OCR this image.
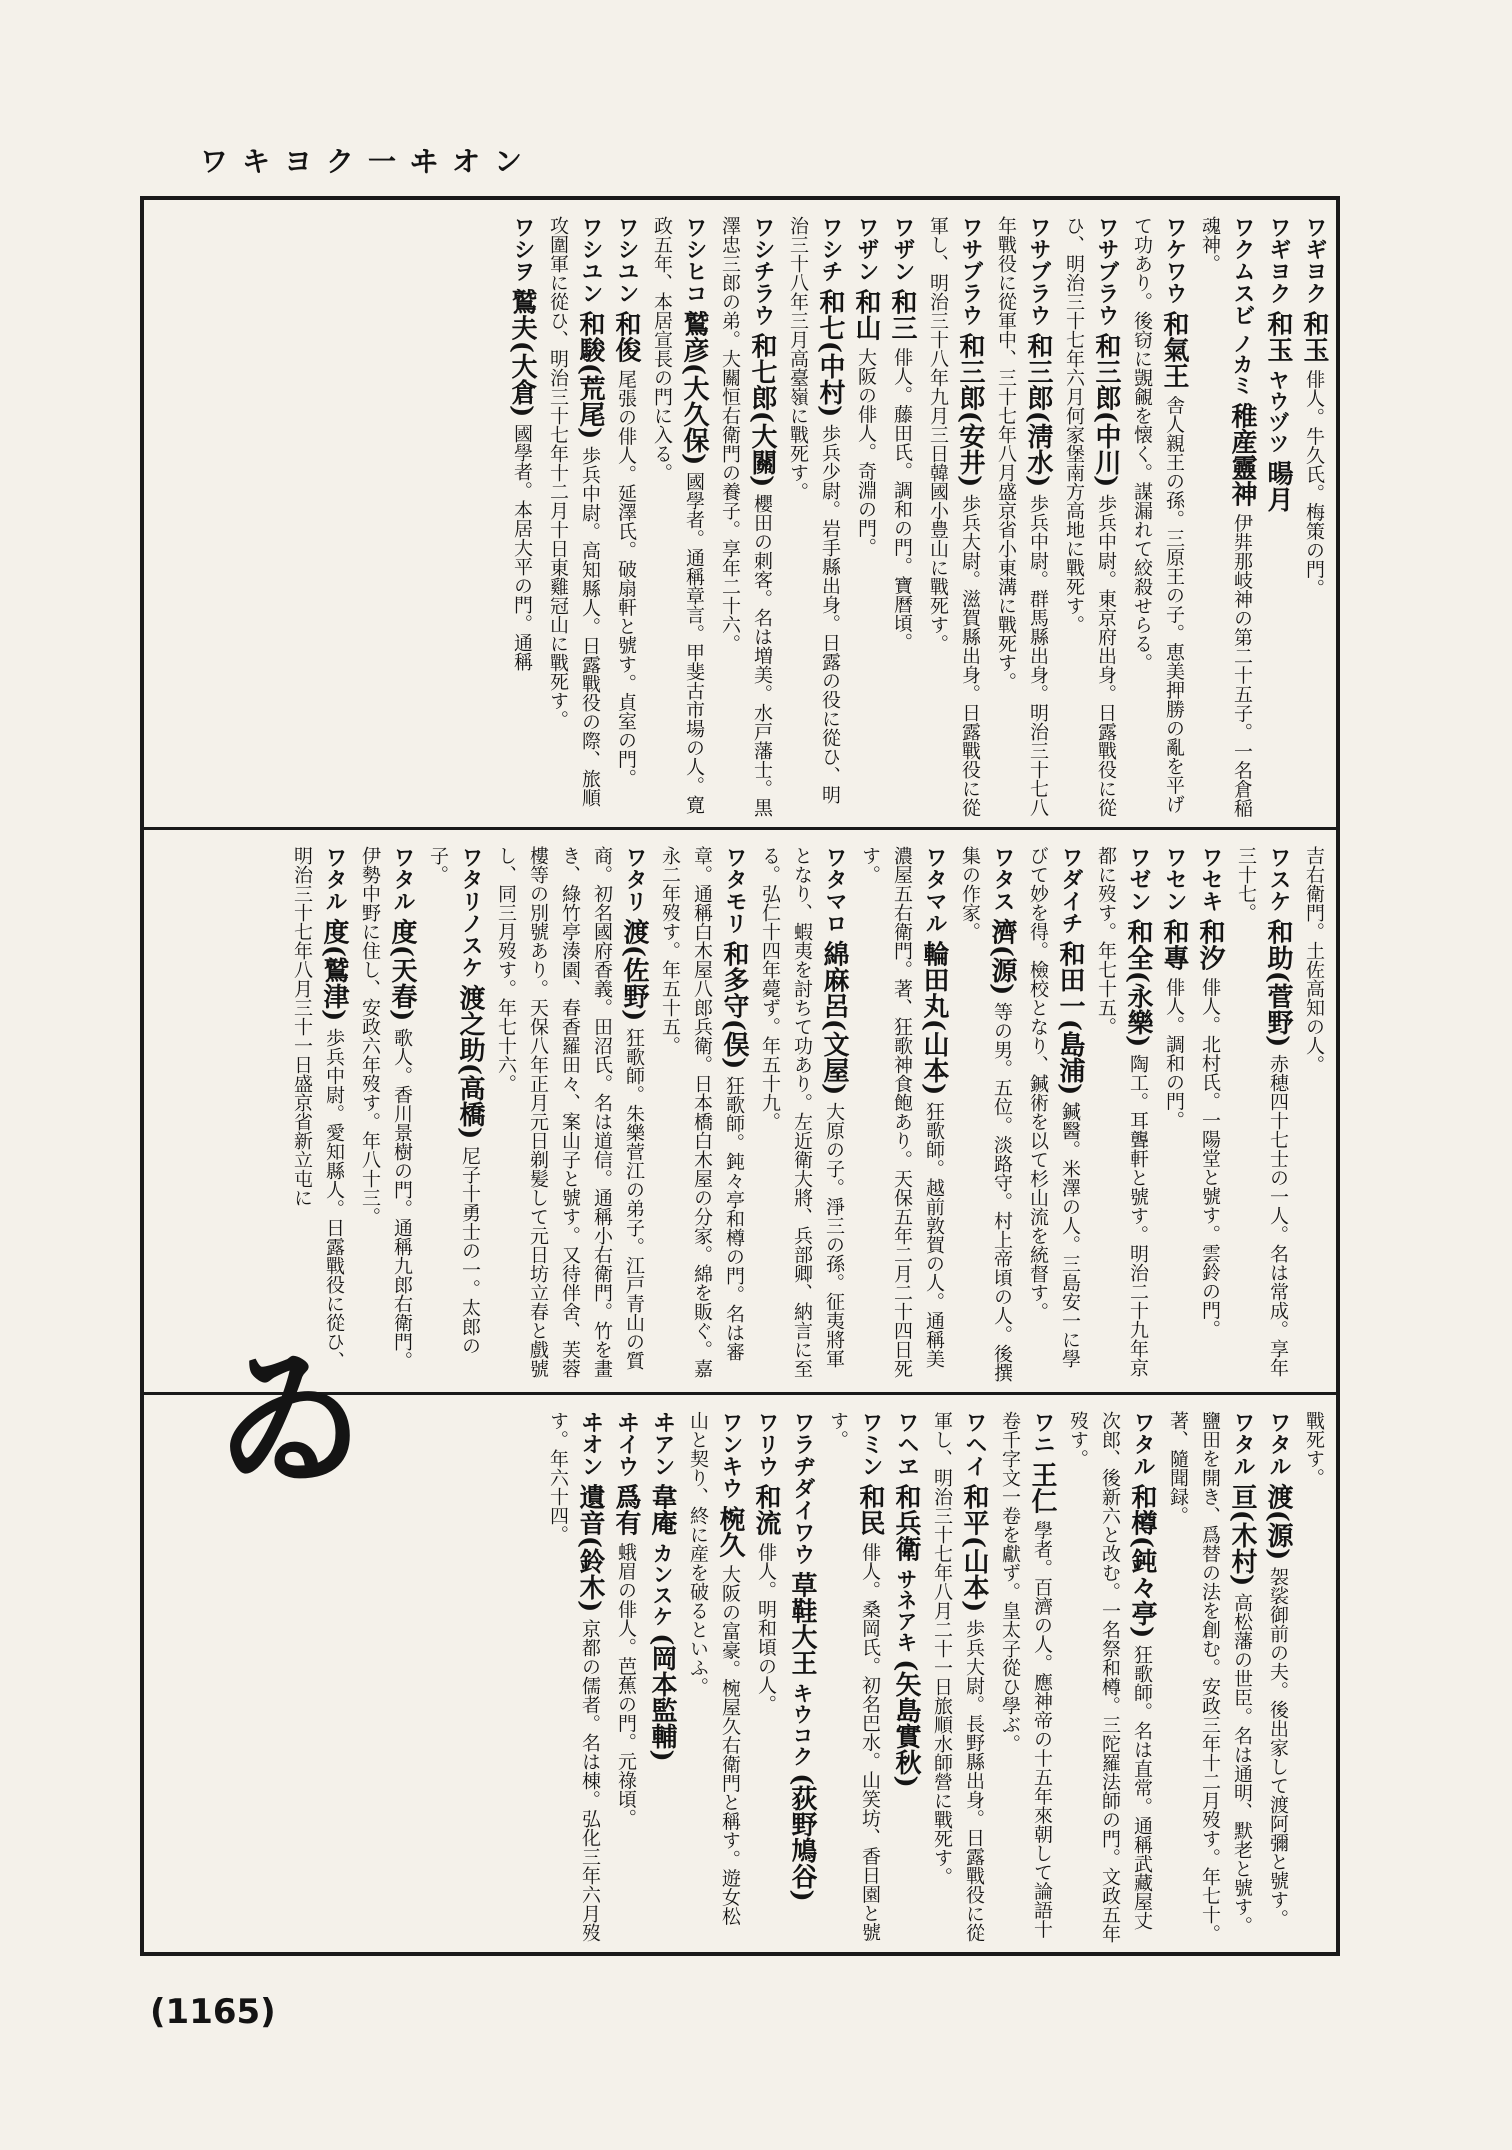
ワキヨク一ヰオン
ワギヨク 和玉 俳人。牛久氏。梅策の門。
ワギヨク 和玉 ヤウヅツ 暘月
ワクムスビ ノカミ 稚産靈神 伊弉那岐神の第二十五子。一名倉稲魂神。
ワケワウ 和氣王 舎人親王の孫。三原王の子。恵美押勝の亂を平げて功あり。後窃に覬覦を懐く。謀漏れて絞殺せらる。
ワサブラウ 和三郎(中川) 歩兵中尉。東京府出身。日露戰役に從ひ、明治三十七年六月何家堡南方高地に戰死す。
ワサブラウ 和三郎(淸水) 歩兵中尉。群馬縣出身。明治三十七八年戰役に從軍中、三十七年八月盛京省小東溝に戰死す。
ワサブラウ 和三郎(安井) 歩兵大尉。滋賀縣出身。日露戰役に從軍し、明治三十八年九月三日韓國小豊山に戰死す。
ワザン 和三 俳人。藤田氏。調和の門。寶曆頃。
ワザン 和山 大阪の俳人。奇淵の門。
ワシチ 和七(中村) 歩兵少尉。岩手縣出身。日露の役に從ひ、明治三十八年三月高臺嶺に戰死す。
ワシチラウ 和七郎(大關) 櫻田の刺客。名は増美。水戸藩士。黒澤忠三郎の弟。大關恒右衛門の養子。享年二十六。
ワシヒコ 鷲彦(大久保) 國學者。通稱章言。甲斐古市場の人。寛政五年、本居宣長の門に入る。
ワシユン 和俊 尾張の俳人。延澤氏。破扇軒と號す。貞室の門。
ワシユン 和駿(荒尾) 歩兵中尉。高知縣人。日露戰役の際、旅順攻圍軍に從ひ、明治三十七年十二月十日東雞冠山に戰死す。
ワシヲ 鷲夫(大倉) 國學者。本居大平の門。通稱
吉右衛門。土佐高知の人。
ワスケ 和助(菅野) 赤穂四十七士の一人。名は常成。享年三十七。
ワセキ 和汐 俳人。北村氏。一陽堂と號す。雲鈴の門。
ワセン 和專 俳人。調和の門。
ワゼン 和全(永樂) 陶工。耳聾軒と號す。明治二十九年京都に歿す。年七十五。
ワダイチ 和田一(島浦) 鍼醫。米澤の人。三島安一に學びて妙を得。檢校となり、鍼術を以て杉山流を統督す。
ワタス 濟(源) 等の男。五位。淡路守。村上帝頃の人。後撰集の作家。
ワタマル 輪田丸(山本) 狂歌師。越前敦賀の人。通稱美濃屋五右衛門。著、狂歌神食飽あり。天保五年二月二十四日死す。
ワタマロ 綿麻呂(文屋) 大原の子。淨三の孫。征夷將軍となり、蝦夷を討ちて功あり。左近衛大將、兵部卿、納言に至る。弘仁十四年薨ず。年五十九。
ワタモリ 和多守(俣) 狂歌師。鈍々亭和樽の門。名は審章。通稱白木屋八郎兵衛。日本橋白木屋の分家。綿を販ぐ。嘉永二年歿す。年五十五。
ワタリ 渡(佐野) 狂歌師。朱樂菅江の弟子。江戸青山の質商。初名國府香義。田沼氏。名は道信。通稱小右衛門。竹を畫き、綠竹亭湊園、春香羅田々、案山子と號す。又待伴舍、芙蓉樓等の別號あり。天保八年正月元日剃髪して元日坊立春と戲號し、同三月歿す。年七十六。
ワタリノスケ 渡之助(高橋) 尼子十勇士の一。太郎の子。
ワタル 度(天春) 歌人。香川景樹の門。通稱九郎右衛門。伊勢中野に住し、安政六年歿す。年八十三。
ワタル 度(鷲津) 歩兵中尉。愛知縣人。日露戰役に從ひ、明治三十七年八月三十一日盛京省新立屯に
戰死す。
ワタル 渡(源) 袈裟御前の夫。後出家して渡阿彌と號す。
ワタル 亘(木村) 高松藩の世臣。名は通明、默老と號す。鹽田を開き、爲替の法を創む。安政三年十二月歿す。年七十。著、隨聞録。
ワタル 和樽(鈍々亭) 狂歌師。名は直常。通稱武藏屋丈次郎、後新六と改む。一名祭和樽。三陀羅法師の門。文政五年歿す。
ワニ 王仁 學者。百濟の人。應神帝の十五年來朝して論語十卷千字文一卷を獻ず。皇太子從ひ學ぶ。
ワヘイ 和平(山本) 歩兵大尉。長野縣出身。日露戰役に從軍し、明治三十七年八月二十一日旅順水師營に戰死す。
ワヘヱ 和兵衛 サネアキ (矢島實秋)
ワミン 和民 俳人。桑岡氏。初名巴水。山笑坊、香日園と號す。
ワラヂダイワウ 草鞋大王 キウコク (荻野鳩谷)
ワリウ 和流 俳人。明和頃の人。
ワンキウ 椀久 大阪の富豪。椀屋久右衛門と稱す。遊女松山と契り、終に産を破るといふ。
ヰアン 韋庵 カンスケ (岡本監輔)
ヰイウ 爲有 蛾眉の俳人。芭蕉の門。元祿頃。
ヰオン 遺音(鈴木) 京都の儒者。名は棟。弘化三年六月歿す。年六十四。
ゐ
(1165)
